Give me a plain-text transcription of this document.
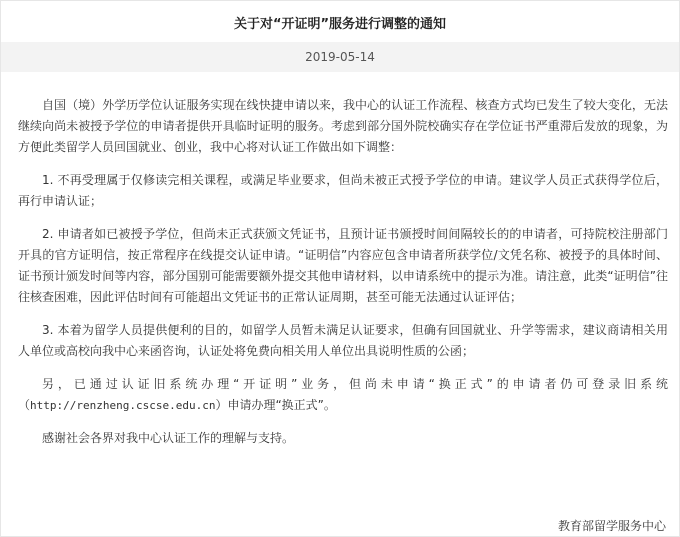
关于对“开证明”服务进行调整的通知
2019-05-14

自国（境）外学历学位认证服务实现在线快捷申请以来，我中心的认证工作流程、核查方式均已发生了较大变化，无法继续向尚未被授予学位的申请者提供开具临时证明的服务。考虑到部分国外院校确实存在学位证书严重滞后发放的现象，为方便此类留学人员回国就业、创业，我中心将对认证工作做出如下调整：

1. 不再受理属于仅修读完相关课程，或满足毕业要求，但尚未被正式授予学位的申请。建议学人员正式获得学位后，再行申请认证；

2. 申请者如已被授予学位，但尚未正式获颁文凭证书，且预计证书颁授时间间隔较长的的申请者，可持院校注册部门开具的官方证明信，按正常程序在线提交认证申请。“证明信”内容应包含申请者所获学位/文凭名称、被授予的具体时间、证书预计颁发时间等内容，部分国别可能需要额外提交其他申请材料，以申请系统中的提示为准。请注意，此类“证明信”往往核查困难，因此评估时间有可能超出文凭证书的正常认证周期，甚至可能无法通过认证评估；

3. 本着为留学人员提供便利的目的，如留学人员暂未满足认证要求，但确有回国就业、升学等需求，建议商请相关用人单位或高校向我中心来函咨询，认证处将免费向相关用人单位出具说明性质的公函；

另，已通过认证旧系统办理“开证明”业务，但尚未申请“换正式”的申请者仍可登录旧系统（http://renzheng.cscse.edu.cn）申请办理“换正式”。

感谢社会各界对我中心认证工作的理解与支持。

教育部留学服务中心
